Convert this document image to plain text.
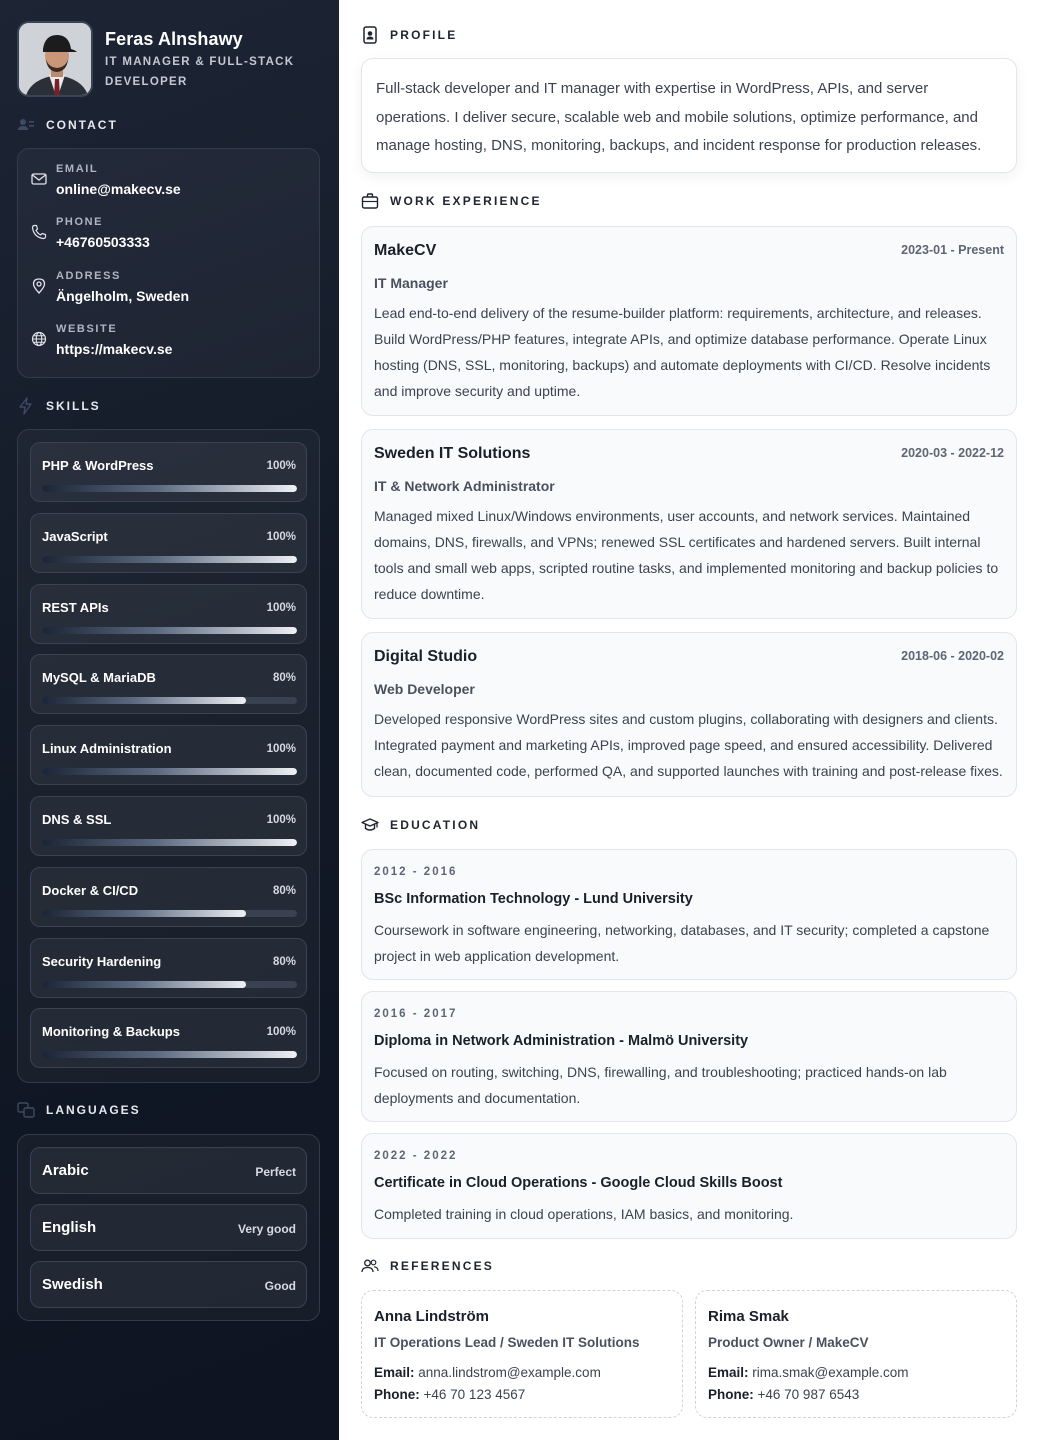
Feras Alnshawy
IT MANAGER & FULL-STACK DEVELOPER
CONTACT
EMAIL
online@makecv.se
PHONE
+46760503333
ADDRESS
Ängelholm, Sweden
WEBSITE
https://makecv.se
SKILLS
PHP & WordPress	100%
JavaScript	100%
REST APIs	100%
MySQL & MariaDB	80%
Linux Administration	100%
DNS & SSL	100%
Docker & CI/CD	80%
Security Hardening	80%
Monitoring & Backups	100%
LANGUAGES
Arabic	Perfect
English	Very good
Swedish	Good
PROFILE
Full-stack developer and IT manager with expertise in WordPress, APIs, and server operations. I deliver secure, scalable web and mobile solutions, optimize performance, and manage hosting, DNS, monitoring, backups, and incident response for production releases.
WORK EXPERIENCE
MakeCV	2023-01 - Present
IT Manager
Lead end-to-end delivery of the resume-builder platform: requirements, architecture, and releases. Build WordPress/PHP features, integrate APIs, and optimize database performance. Operate Linux hosting (DNS, SSL, monitoring, backups) and automate deployments with CI/CD. Resolve incidents and improve security and uptime.
Sweden IT Solutions	2020-03 - 2022-12
IT & Network Administrator
Managed mixed Linux/Windows environments, user accounts, and network services. Maintained domains, DNS, firewalls, and VPNs; renewed SSL certificates and hardened servers. Built internal tools and small web apps, scripted routine tasks, and implemented monitoring and backup policies to reduce downtime.
Digital Studio	2018-06 - 2020-02
Web Developer
Developed responsive WordPress sites and custom plugins, collaborating with designers and clients. Integrated payment and marketing APIs, improved page speed, and ensured accessibility. Delivered clean, documented code, performed QA, and supported launches with training and post-release fixes.
EDUCATION
2012 - 2016
BSc Information Technology - Lund University
Coursework in software engineering, networking, databases, and IT security; completed a capstone project in web application development.
2016 - 2017
Diploma in Network Administration - Malmö University
Focused on routing, switching, DNS, firewalling, and troubleshooting; practiced hands-on lab deployments and documentation.
2022 - 2022
Certificate in Cloud Operations - Google Cloud Skills Boost
Completed training in cloud operations, IAM basics, and monitoring.
REFERENCES
Anna Lindström
IT Operations Lead / Sweden IT Solutions
Email: anna.lindstrom@example.com
Phone: +46 70 123 4567
Rima Smak
Product Owner / MakeCV
Email: rima.smak@example.com
Phone: +46 70 987 6543
